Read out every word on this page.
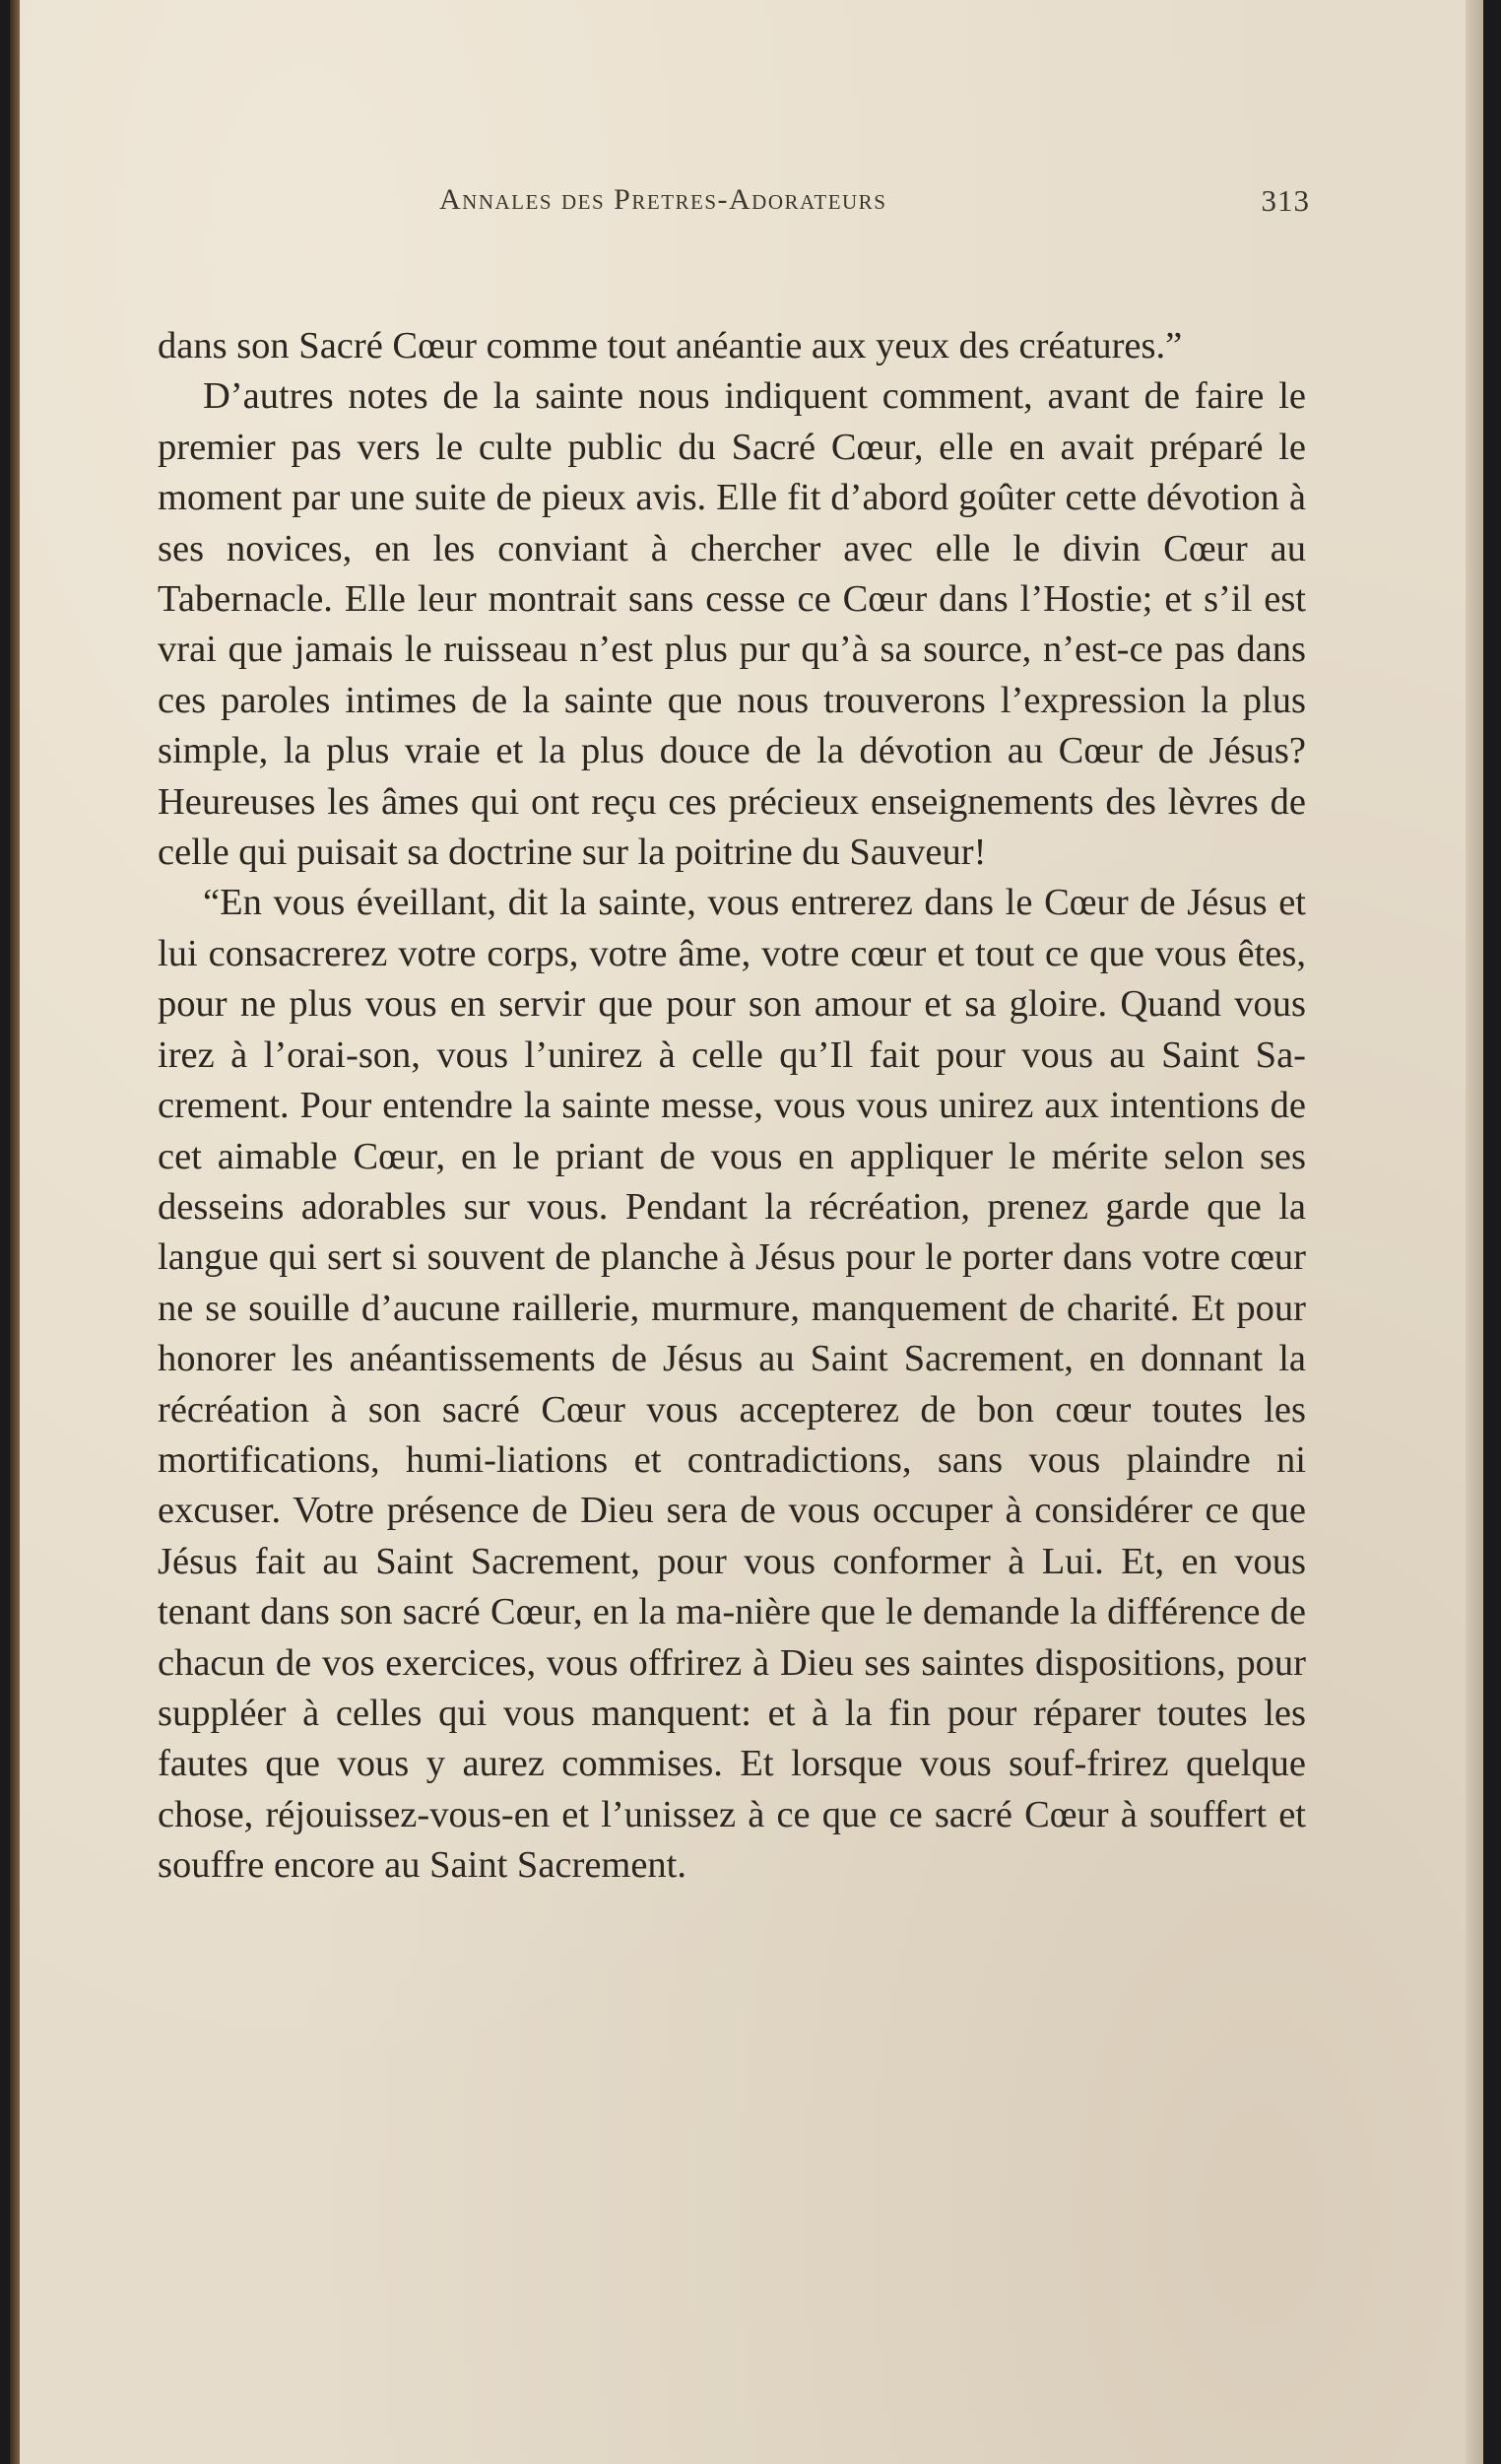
Annales des Pretres-Adorateurs	313

dans son Sacré Cœur comme tout anéantie aux yeux des créatures.”

D’autres notes de la sainte nous indiquent comment, avant de faire le premier pas vers le culte public du Sacré Cœur, elle en avait préparé le moment par une suite de pieux avis. Elle fit d’abord goûter cette dévotion à ses novices, en les conviant à chercher avec elle le divin Cœur au Tabernacle. Elle leur montrait sans cesse ce Cœur dans l’Hostie; et s’il est vrai que jamais le ruisseau n’est plus pur qu’à sa source, n’est-ce pas dans ces paroles intimes de la sainte que nous trouverons l’expression la plus simple, la plus vraie et la plus douce de la dévotion au Cœur de Jésus? Heureuses les âmes qui ont reçu ces précieux enseignements des lèvres de celle qui puisait sa doctrine sur la poitrine du Sauveur!

“En vous éveillant, dit la sainte, vous entrerez dans le Cœur de Jésus et lui consacrerez votre corps, votre âme, votre cœur et tout ce que vous êtes, pour ne plus vous en servir que pour son amour et sa gloire. Quand vous irez à l’orai-son, vous l’unirez à celle qu’Il fait pour vous au Saint Sa-crement. Pour entendre la sainte messe, vous vous unirez aux intentions de cet aimable Cœur, en le priant de vous en appliquer le mérite selon ses desseins adorables sur vous. Pendant la récréation, prenez garde que la langue qui sert si souvent de planche à Jésus pour le porter dans votre cœur ne se souille d’aucune raillerie, murmure, manquement de charité. Et pour honorer les anéantissements de Jésus au Saint Sacrement, en donnant la récréation à son sacré Cœur vous accepterez de bon cœur toutes les mortifications, humi-liations et contradictions, sans vous plaindre ni excuser. Votre présence de Dieu sera de vous occuper à considérer ce que Jésus fait au Saint Sacrement, pour vous conformer à Lui. Et, en vous tenant dans son sacré Cœur, en la ma-nière que le demande la différence de chacun de vos exercices, vous offrirez à Dieu ses saintes dispositions, pour suppléer à celles qui vous manquent: et à la fin pour réparer toutes les fautes que vous y aurez commises. Et lorsque vous souf-frirez quelque chose, réjouissez-vous-en et l’unissez à ce que ce sacré Cœur à souffert et souffre encore au Saint Sacrement.
